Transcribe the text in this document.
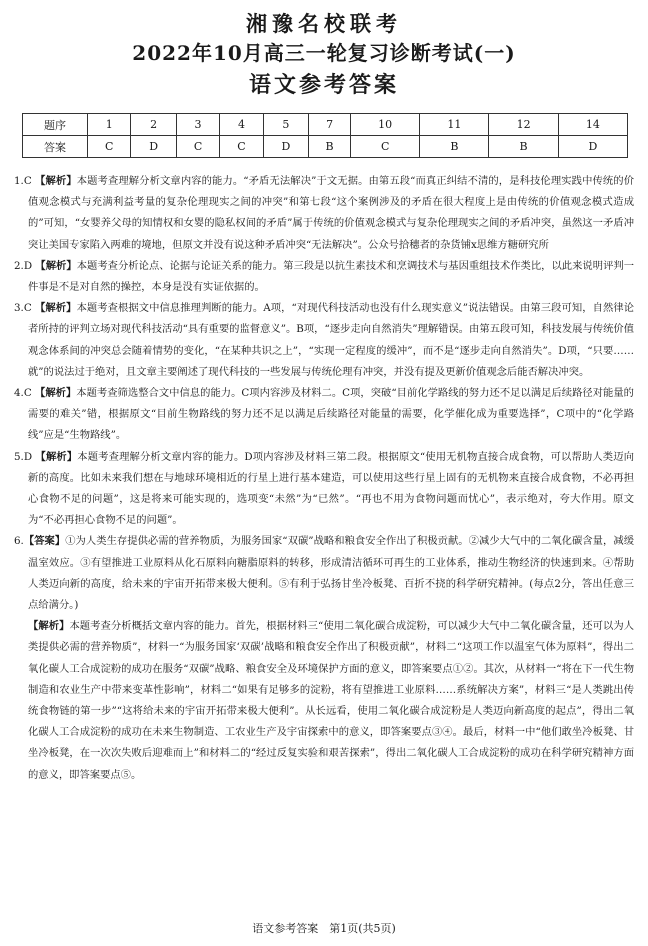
湘豫名校联考
2022年10月高三一轮复习诊断考试(一)
语文参考答案
题序	1	2	3	4	5	7	10	11	12	14
答案	C	D	C	C	D	B	C	B	B	D

1.C 【解析】本题考查理解分析文章内容的能力。“矛盾无法解决”于文无据。由第五段“而真正纠结不清的，是科技伦理实践中传统的价值观念模式与充满利益考量的复杂伦理现实之间的冲突”和第七段“这个案例涉及的矛盾在很大程度上是由传统的价值观念模式造成的”可知，“女婴养父母的知情权和女婴的隐私权间的矛盾”属于传统的价值观念模式与复杂伦理现实之间的矛盾冲突，虽然这一矛盾冲突让美国专家陷入两难的境地，但原文并没有说这种矛盾冲突“无法解决”。公众号拾穗者的杂货铺x思维方糖研究所

2.D 【解析】本题考查分析论点、论据与论证关系的能力。第三段是以抗生素技术和烹调技术与基因重组技术作类比，以此来说明评判一件事是不是对自然的操控，本身是没有实证依据的。

3.C 【解析】本题考查根据文中信息推理判断的能力。A项，“对现代科技活动也没有什么现实意义”说法错误。由第三段可知，自然律论者所持的评判立场对现代科技活动“具有重要的监督意义”。B项，“逐步走向自然消失”理解错误。由第五段可知，科技发展与传统价值观念体系间的冲突总会随着情势的变化，“在某种共识之上”，“实现一定程度的缓冲”，而不是“逐步走向自然消失”。D项，“只要……就”的说法过于绝对，且文章主要阐述了现代科技的一些发展与传统伦理有冲突，并没有提及更新价值观念后能否解决冲突。

4.C 【解析】本题考查筛选整合文中信息的能力。C项内容涉及材料二。C项，突破“目前化学路线的努力还不足以满足后续路径对能量的需要的难关”错，根据原文“目前生物路线的努力还不足以满足后续路径对能量的需要，化学催化成为重要选择”，C项中的“化学路线”应是“生物路线”。

5.D 【解析】本题考查理解分析文章内容的能力。D项内容涉及材料三第二段。根据原文“使用无机物直接合成食物，可以帮助人类迈向新的高度。比如未来我们想在与地球环境相近的行星上进行基本建造，可以使用这些行星上固有的无机物来直接合成食物，不必再担心食物不足的问题”，这是将来可能实现的，选项变“未然”为“已然”。“再也不用为食物问题而忧心”，表示绝对，夸大作用。原文为“不必再担心食物不足的问题”。

6.【答案】①为人类生存提供必需的营养物质，为服务国家“双碳”战略和粮食安全作出了积极贡献。②减少大气中的二氧化碳含量，减缓温室效应。③有望推进工业原料从化石原料向糖脂原料的转移，形成清洁循环可再生的工业体系，推动生物经济的快速到来。④帮助人类迈向新的高度，给未来的宇宙开拓带来极大便利。⑤有利于弘扬甘坐冷板凳、百折不挠的科学研究精神。(每点2分，答出任意三点给满分。)

【解析】本题考查分析概括文章内容的能力。首先，根据材料三“使用二氧化碳合成淀粉，可以减少大气中二氧化碳含量，还可以为人类提供必需的营养物质”，材料一“为服务国家‘双碳’战略和粮食安全作出了积极贡献”，材料二“这项工作以温室气体为原料”，得出二氧化碳人工合成淀粉的成功在服务“双碳”战略、粮食安全及环境保护方面的意义，即答案要点①②。其次，从材料一“将在下一代生物制造和农业生产中带来变革性影响”，材料二“如果有足够多的淀粉，将有望推进工业原料……系统解决方案”，材料三“是人类跳出传统食物链的第一步”“这将给未来的宇宙开拓带来极大便利”。从长远看，使用二氧化碳合成淀粉是人类迈向新高度的起点”，得出二氧化碳人工合成淀粉的成功在未来生物制造、工农业生产及宇宙探索中的意义，即答案要点③④。最后，材料一中“他们敢坐冷板凳、甘坐冷板凳，在一次次失败后迎难而上”和材料二的“经过反复实验和艰苦探索”，得出二氧化碳人工合成淀粉的成功在科学研究精神方面的意义，即答案要点⑤。

语文参考答案　第1页(共5页)
